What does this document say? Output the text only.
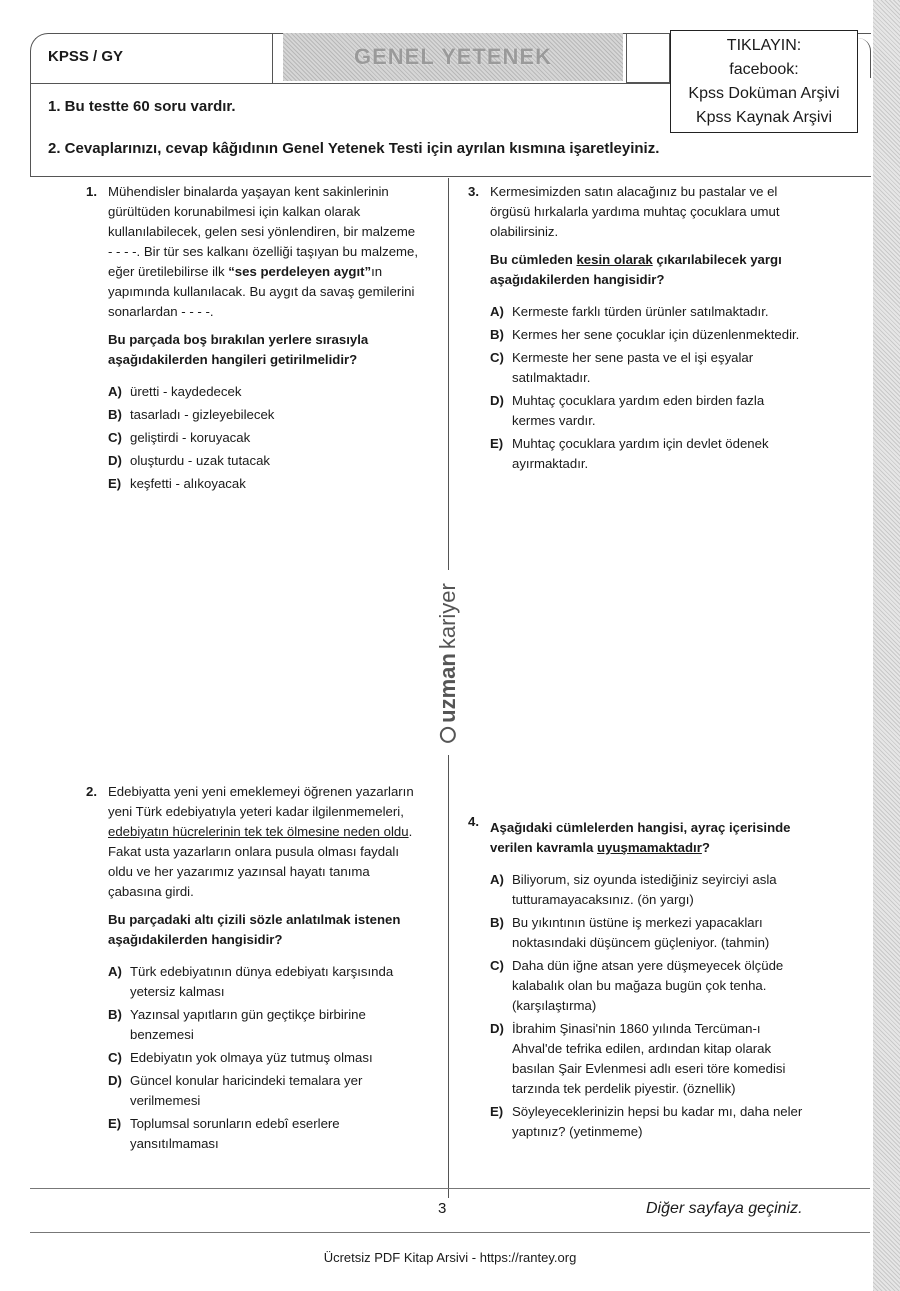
KPSS / GY	GENEL YETENEK	TIKLAYIN:
facebook:
Kpss Doküman Arşivi
Kpss Kaynak Arşivi
1. Bu testte 60 soru vardır.
2. Cevaplarınızı, cevap kâğıdının Genel Yetenek Testi için ayrılan kısmına işaretleyiniz.
uzman
kariyer
1. Mühendisler binalarda yaşayan kent sakinlerinin gürültüden korunabilmesi için kalkan olarak kullanılabilecek, gelen sesi yönlendiren, bir malzeme - - - -. Bir tür ses kalkanı özelliği taşıyan bu malzeme, eğer üretilebilirse ilk “ses perdeleyen aygıt”ın yapımında kullanılacak. Bu aygıt da savaş gemilerini sonarlardan - - - -.

Bu parçada boş bırakılan yerlere sırasıyla aşağıdakilerden hangileri getirilmelidir?

A) üretti - kaydedecek
B) tasarladı - gizleyebilecek
C) geliştirdi - koruyacak
D) oluşturdu - uzak tutacak
E) keşfetti - alıkoyacak
2. Edebiyatta yeni yeni emeklemeyi öğrenen yazarların yeni Türk edebiyatıyla yeteri kadar ilgilenmemeleri, edebiyatın hücrelerinin tek tek ölmesine neden oldu. Fakat usta yazarların onlara pusula olması faydalı oldu ve her yazarımız yazınsal hayatı tanıma çabasına girdi.

Bu parçadaki altı çizili sözle anlatılmak istenen aşağıdakilerden hangisidir?

A) Türk edebiyatının dünya edebiyatı karşısında yetersiz kalması
B) Yazınsal yapıtların gün geçtikçe birbirine benzemesi
C) Edebiyatın yok olmaya yüz tutmuş olması
D) Güncel konular haricindeki temalara yer verilmemesi
E) Toplumsal sorunların edebî eserlere yansıtılmaması
3. Kermesimizden satın alacağınız bu pastalar ve el örgüsü hırkalarla yardıma muhtaç çocuklara umut olabilirsiniz.

Bu cümleden kesin olarak çıkarılabilecek yargı aşağıdakilerden hangisidir?

A) Kermeste farklı türden ürünler satılmaktadır.
B) Kermes her sene çocuklar için düzenlenmektedir.
C) Kermeste her sene pasta ve el işi eşyalar satılmaktadır.
D) Muhtaç çocuklara yardım eden birden fazla kermes vardır.
E) Muhtaç çocuklara yardım için devlet ödenek ayırmaktadır.
4. Aşağıdaki cümlelerden hangisi, ayraç içerisinde verilen kavramla uyuşmamaktadır?

A) Biliyorum, siz oyunda istediğiniz seyirciyi asla tutturamayacaksınız. (ön yargı)
B) Bu yıkıntının üstüne iş merkezi yapacakları noktasındaki düşüncem güçleniyor. (tahmin)
C) Daha dün iğne atsan yere düşmeyecek ölçüde kalabalık olan bu mağaza bugün çok tenha. (karşılaştırma)
D) İbrahim Şinasi'nin 1860 yılında Tercüman-ı Ahval'de tefrika edilen, ardından kitap olarak basılan Şair Evlenmesi adlı eseri töre komedisi tarzında tek perdelik piyestir. (öznellik)
E) Söyleyeceklerinizin hepsi bu kadar mı, daha neler yaptınız? (yetinmeme)
3	Diğer sayfaya geçiniz.
Ücretsiz PDF Kitap Arsivi - https://rantey.org
